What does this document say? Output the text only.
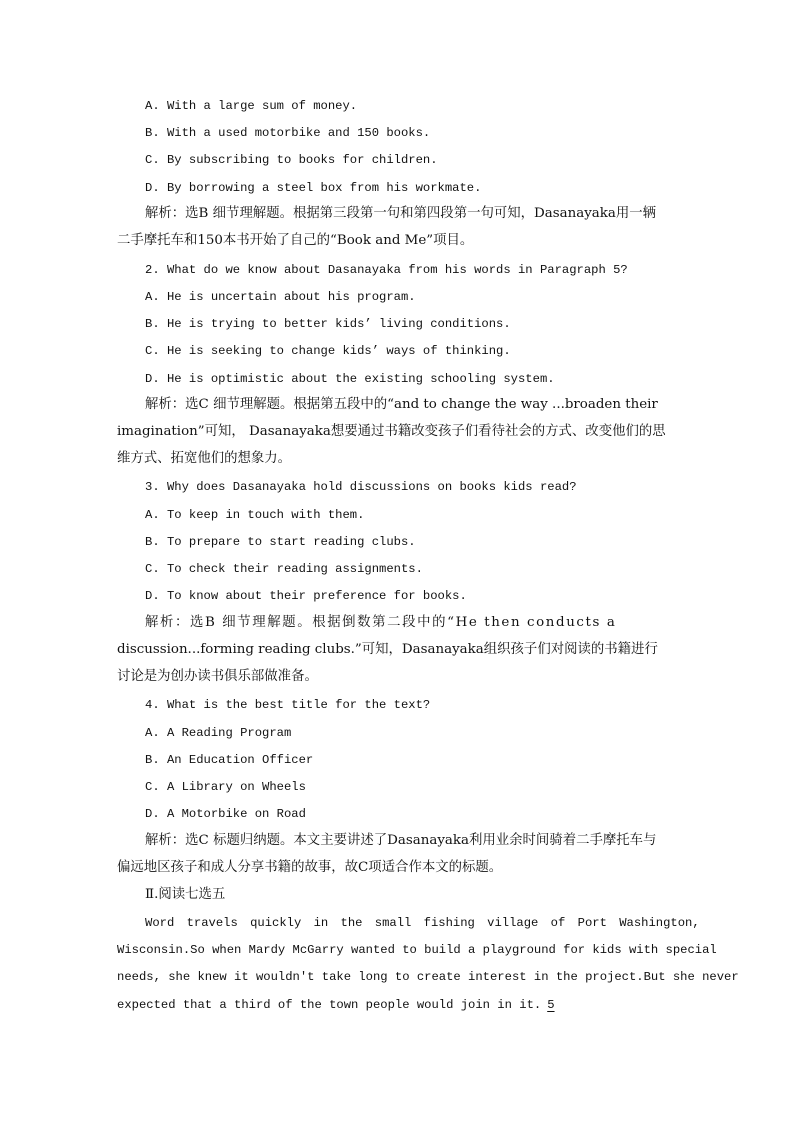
A. With a large sum of money.
B. With a used motorbike and 150 books.
C. By subscribing to books for children.
D. By borrowing a steel box from his workmate.
解析：选B 细节理解题。根据第三段第一句和第四段第一句可知，Dasanayaka用一辆
二手摩托车和150本书开始了自己的“Book and Me”项目。
2. What do we know about Dasanayaka from his words in Paragraph 5?
A. He is uncertain about his program.
B. He is trying to better kids’ living conditions.
C. He is seeking to change kids’ ways of thinking.
D. He is optimistic about the existing schooling system.
解析：选C 细节理解题。根据第五段中的“and to change the way ...broaden their
imagination”可知， Dasanayaka想要通过书籍改变孩子们看待社会的方式、改变他们的思
维方式、拓宽他们的想象力。
3. Why does Dasanayaka hold discussions on books kids read?
A. To keep in touch with them.
B. To prepare to start reading clubs.
C. To check their reading assignments.
D. To know about their preference for books.
解析：选B 细节理解题。根据倒数第二段中的“He then conducts a
discussion...forming reading clubs.”可知，Dasanayaka组织孩子们对阅读的书籍进行
讨论是为创办读书俱乐部做准备。
4. What is the best title for the text?
A. A Reading Program
B. An Education Officer
C. A Library on Wheels
D. A Motorbike on Road
解析：选C 标题归纳题。本文主要讲述了Dasanayaka利用业余时间骑着二手摩托车与
偏远地区孩子和成人分享书籍的故事，故C项适合作本文的标题。
Ⅱ.阅读七选五
Word travels quickly in the small fishing village of Port Washington,
Wisconsin.So when Mardy McGarry wanted to build a playground for kids with special
needs, she knew it wouldn't take long to create interest in the project.But she never
expected that a third of the town people would join in it. 5
